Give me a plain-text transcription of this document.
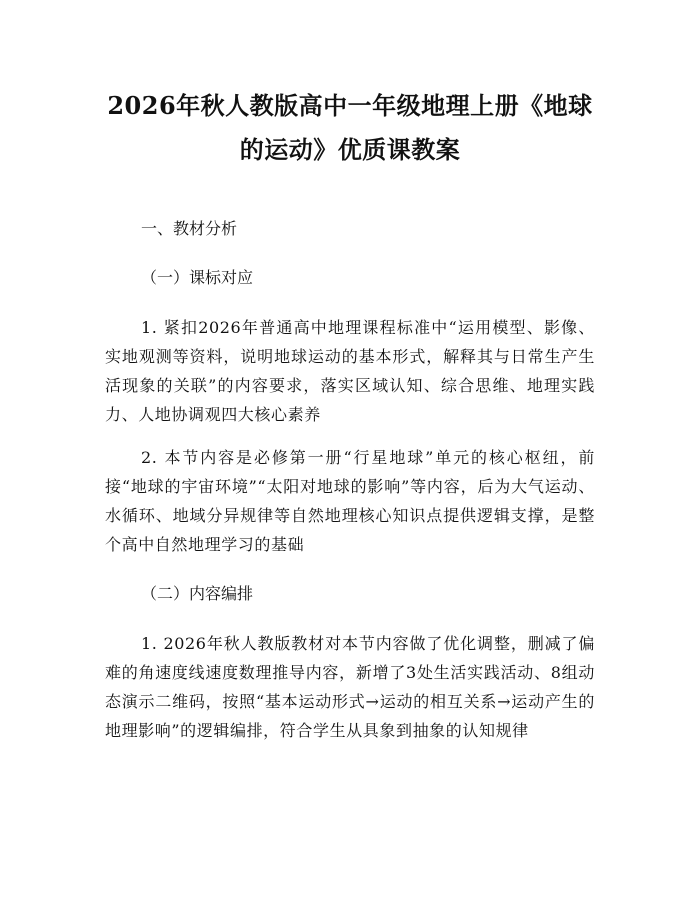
2026年秋人教版高中一年级地理上册《地球的运动》优质课教案

一、教材分析

（一）课标对应

1. 紧扣2026年普通高中地理课程标准中“运用模型、影像、实地观测等资料，说明地球运动的基本形式，解释其与日常生产生活现象的关联”的内容要求，落实区域认知、综合思维、地理实践力、人地协调观四大核心素养

2. 本节内容是必修第一册“行星地球”单元的核心枢纽，前接“地球的宇宙环境”“太阳对地球的影响”等内容，后为大气运动、水循环、地域分异规律等自然地理核心知识点提供逻辑支撑，是整个高中自然地理学习的基础

（二）内容编排

1. 2026年秋人教版教材对本节内容做了优化调整，删减了偏难的角速度线速度数理推导内容，新增了3处生活实践活动、8组动态演示二维码，按照“基本运动形式→运动的相互关系→运动产生的地理影响”的逻辑编排，符合学生从具象到抽象的认知规律
